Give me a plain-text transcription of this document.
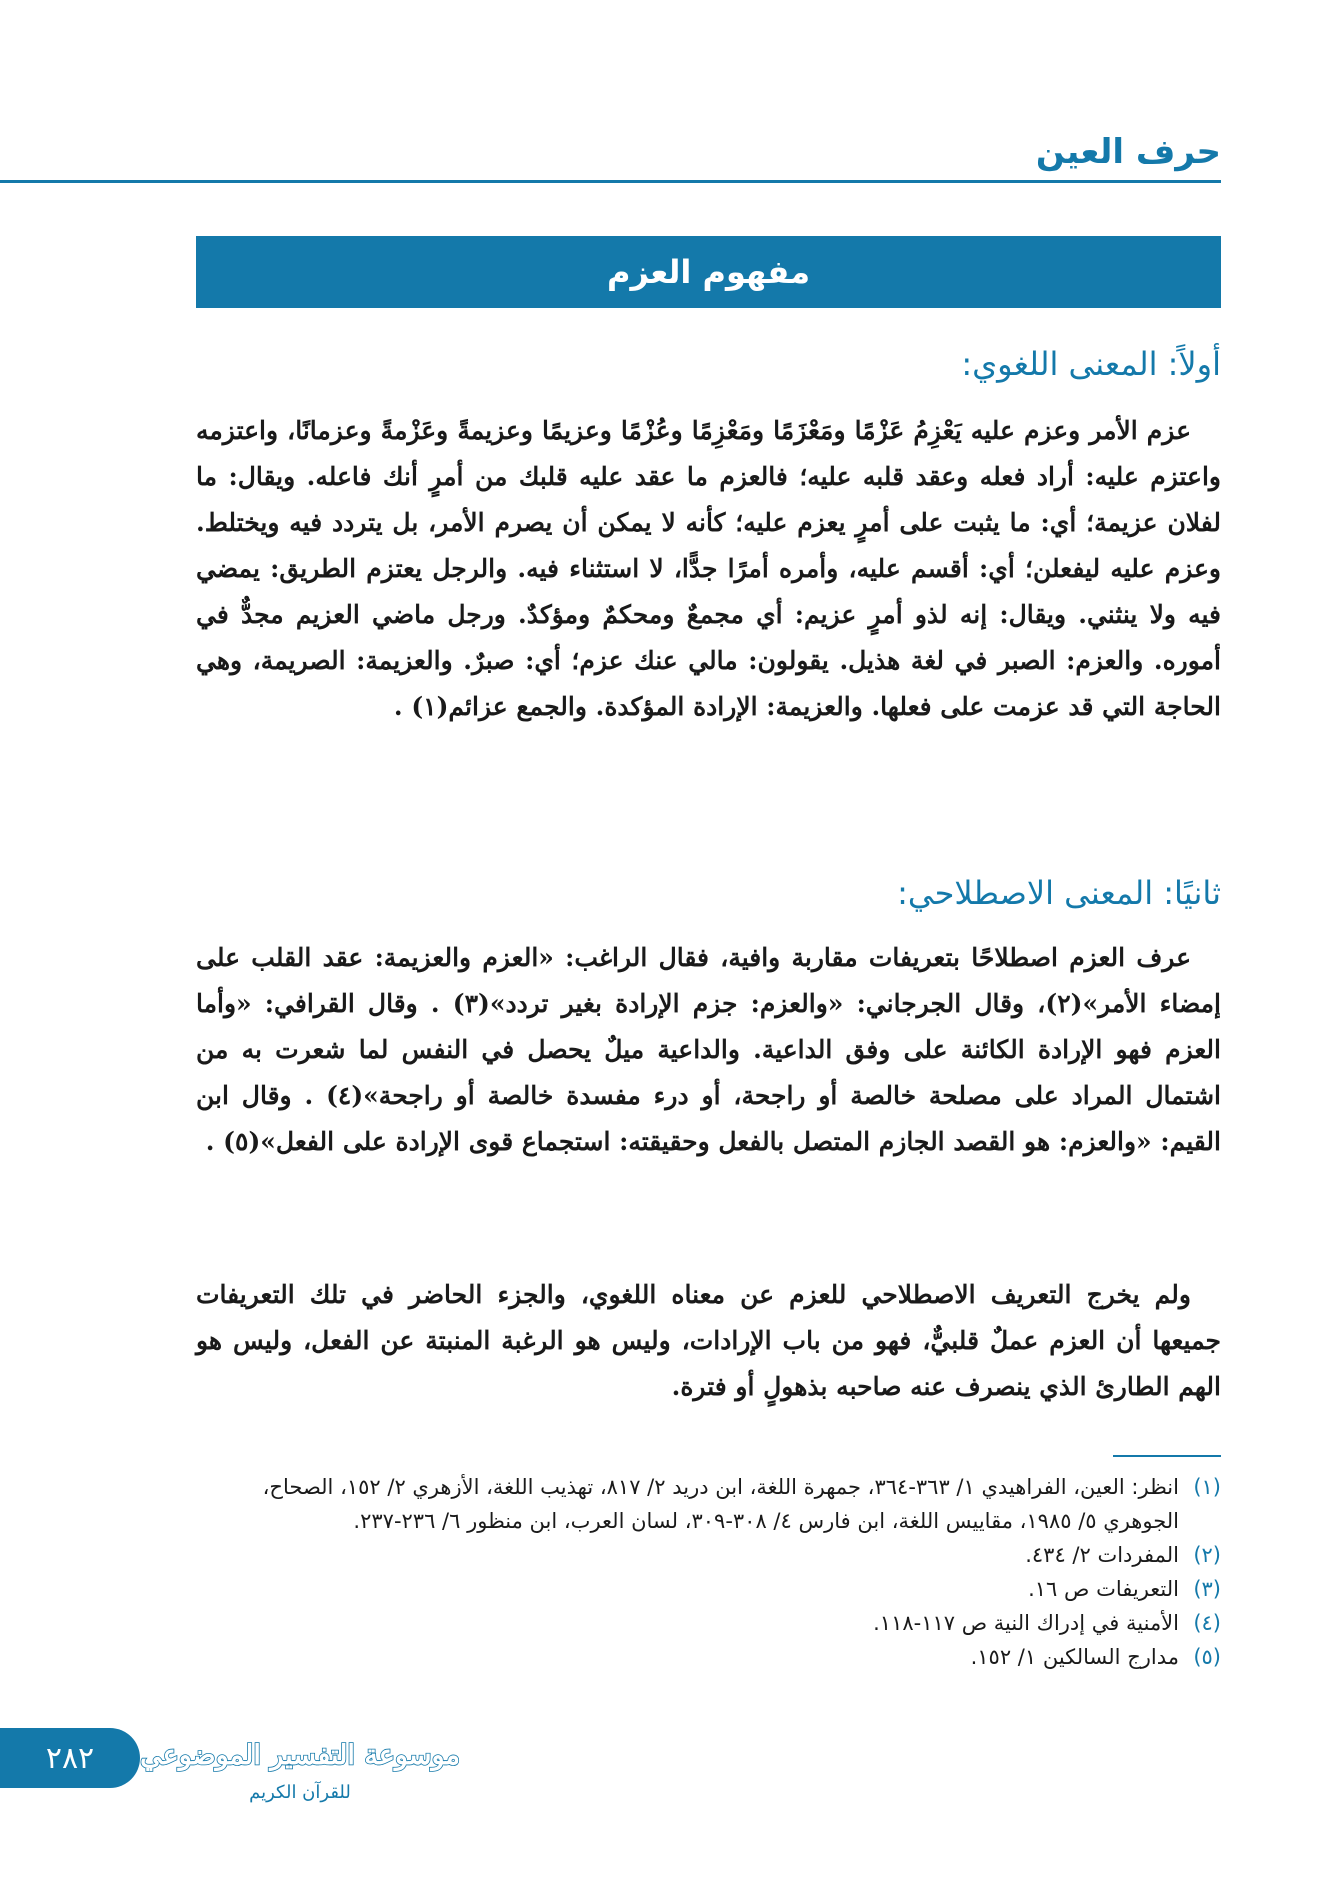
حرف العين
مفهوم العزم
أولاً: المعنى اللغوي:
عزم الأمر وعزم عليه يَعْزِمُ عَزْمًا ومَعْزَمًا ومَعْزِمًا وعُزْمًا وعزيمًا وعزيمةً وعَزْمةً وعزمانًا، واعتزمه واعتزم عليه: أراد فعله وعقد قلبه عليه؛ فالعزم ما عقد عليه قلبك من أمرٍ أنك فاعله. ويقال: ما لفلان عزيمة؛ أي: ما يثبت على أمرٍ يعزم عليه؛ كأنه لا يمكن أن يصرم الأمر، بل يتردد فيه ويختلط. وعزم عليه ليفعلن؛ أي: أقسم عليه، وأمره أمرًا جدًّا، لا استثناء فيه. والرجل يعتزم الطريق: يمضي فيه ولا ينثني. ويقال: إنه لذو أمرٍ عزيم: أي مجمعٌ ومحكمٌ ومؤكدٌ. ورجل ماضي العزيم مجدٌّ في أموره. والعزم: الصبر في لغة هذيل. يقولون: مالي عنك عزم؛ أي: صبرٌ. والعزيمة: الصريمة، وهي الحاجة التي قد عزمت على فعلها. والعزيمة: الإرادة المؤكدة. والجمع عزائم(١) .
ثانيًا: المعنى الاصطلاحي:
عرف العزم اصطلاحًا بتعريفات مقاربة وافية، فقال الراغب: «العزم والعزيمة: عقد القلب على إمضاء الأمر»(٢)، وقال الجرجاني: «والعزم: جزم الإرادة بغير تردد»(٣) . وقال القرافي: «وأما العزم فهو الإرادة الكائنة على وفق الداعية. والداعية ميلٌ يحصل في النفس لما شعرت به من اشتمال المراد على مصلحة خالصة أو راجحة، أو درء مفسدة خالصة أو راجحة»(٤) . وقال ابن القيم: «والعزم: هو القصد الجازم المتصل بالفعل وحقيقته: استجماع قوى الإرادة على الفعل»(٥) .
ولم يخرج التعريف الاصطلاحي للعزم عن معناه اللغوي، والجزء الحاضر في تلك التعريفات جميعها أن العزم عملٌ قلبيٌّ، فهو من باب الإرادات، وليس هو الرغبة المنبتة عن الفعل، وليس هو الهم الطارئ الذي ينصرف عنه صاحبه بذهولٍ أو فترة.
(١)
انظر: العين، الفراهيدي ١/ ٣٦٣-٣٦٤، جمهرة اللغة، ابن دريد ٢/ ٨١٧، تهذيب اللغة، الأزهري ٢/ ١٥٢، الصحاح، الجوهري ٥/ ١٩٨٥، مقاييس اللغة، ابن فارس ٤/ ٣٠٨-٣٠٩، لسان العرب، ابن منظور ٦/ ٢٣٦-٢٣٧.
(٢)
المفردات ٢/ ٤٣٤.
(٣)
التعريفات ص ١٦.
(٤)
الأمنية في إدراك النية ص ١١٧-١١٨.
(٥)
مدارج السالكين ١/ ١٥٢.
موسوعة التفسير الموضوعي
للقرآن الكريم
٢٨٢
